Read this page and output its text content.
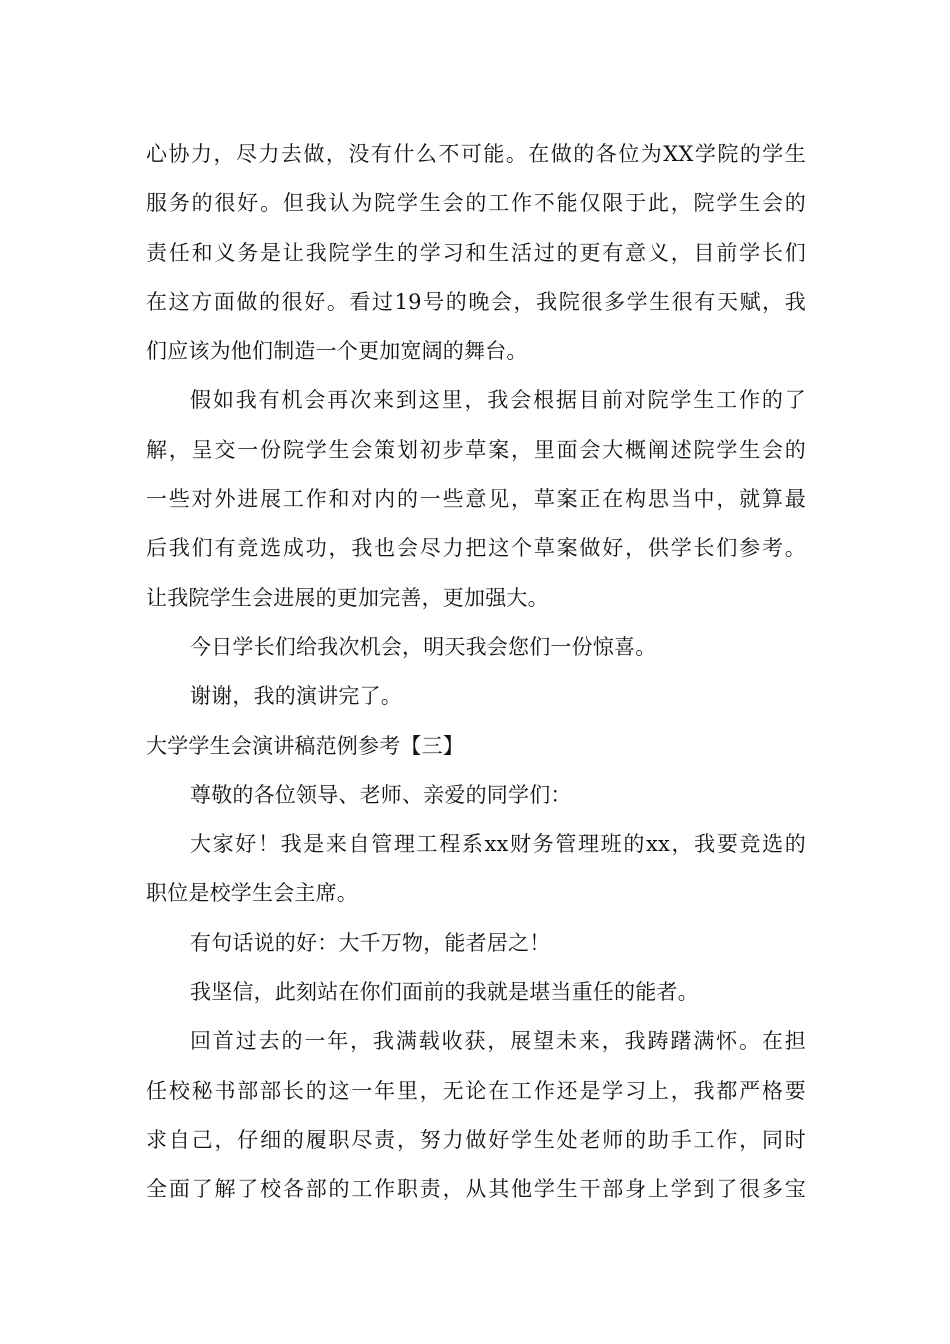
心协力，尽力去做，没有什么不可能。在做的各位为XX学院的学生
服务的很好。但我认为院学生会的工作不能仅限于此，院学生会的
责任和义务是让我院学生的学习和生活过的更有意义，目前学长们
在这方面做的很好。看过19号的晚会，我院很多学生很有天赋，我
们应该为他们制造一个更加宽阔的舞台。
假如我有机会再次来到这里，我会根据目前对院学生工作的了
解，呈交一份院学生会策划初步草案，里面会大概阐述院学生会的
一些对外进展工作和对内的一些意见，草案正在构思当中，就算最
后我们有竞选成功，我也会尽力把这个草案做好，供学长们参考。
让我院学生会进展的更加完善，更加强大。
今日学长们给我次机会，明天我会您们一份惊喜。
谢谢，我的演讲完了。
大学学生会演讲稿范例参考【三】
尊敬的各位领导、老师、亲爱的同学们：
大家好！我是来自管理工程系xx财务管理班的xx，我要竞选的
职位是校学生会主席。
有句话说的好：大千万物，能者居之！
我坚信，此刻站在你们面前的我就是堪当重任的能者。
回首过去的一年，我满载收获，展望未来，我踌躇满怀。在担
任校秘书部部长的这一年里，无论在工作还是学习上，我都严格要
求自己，仔细的履职尽责，努力做好学生处老师的助手工作，同时
全面了解了校各部的工作职责，从其他学生干部身上学到了很多宝
